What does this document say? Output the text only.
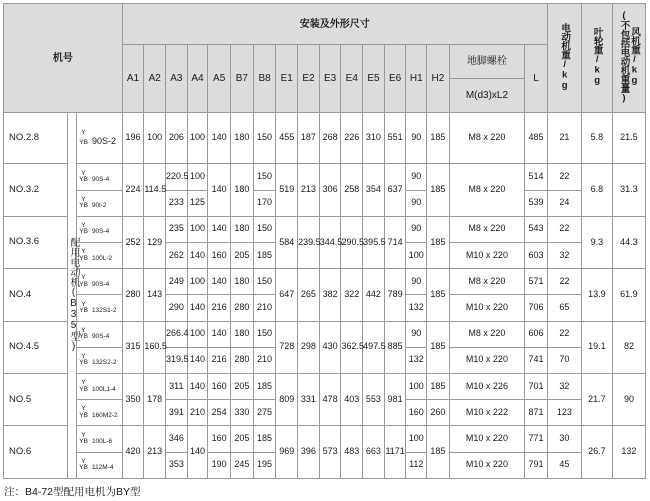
机号			安装及外形尺寸																	电动机重/kg	叶轮重/kg	风机重/kg
(不包括电动机重量)

			A1	A2	A3	A4	A5	B7	B8	E1	E2	E3	E4	E5	E6	H1	H2	地脚螺栓	L			
																		M(d3)xL2				
NO.2.8	配用电动机(B35型)	Y
YB 90S-2	196	100	206	100	140	180	150	455	187	268	226	310	551	90	185	M8 x 220	485	21	5.8	21.5
NO.3.2		Y
YB 90S-4	224	114.5	220.5	100	140	180	150	519	213	306	258	354	637	90	185	M8 x 220	514	22	6.8	31.3

		Y
YB 90l-2			233	125			170							90			539	24		
NO.3.6		Y
YB 90S-4	252	129	235	100	140	180	150	584	239.5	344.5	290.5	395.5	714	90	185	M8 x 220	543	22	9.3	44.3

		Y
YB 100L-2			262	140	160	205	185							100		M10 x 220	603	32		
NO.4		Y
YB 90S-4	280	143	249	100	140	180	150	647	265	382	322	442	789	90	185	M8 x 220	571	22	13.9	61.9

		Y
YB 132S1-2			290	140	216	280	210							132		M10 x 220	706	65		
NO.4.5		Y
YB 90S-4	315	160.5	266.4	100	140	180	150	728	298	430	362.5	497.5	885	90	185	M8 x 220	606	22	19.1	82

		Y
YB 132S2-2			319.5	140	216	280	210							132		M10 x 220	741	70		
NO.5		Y
YB 100L1-4	350	178	311	140	160	205	185	809	331	478	403	553	981	100	185	M10 x 226	701	32	21.7	90

		Y
YB 160M2-2			391	210	254	330	275							160	260	M10 x 222	871	123		
NO.6		Y
YB 100L-6	420	213	346	140	160	205	185	969	396	573	483	663	1171	100	185	M10 x 220	771	30	26.7	132

		Y
YB 112M-4			353		190	245	195							112		M10 x 220	791	45		
注：B4-72型配用电机为BY型
